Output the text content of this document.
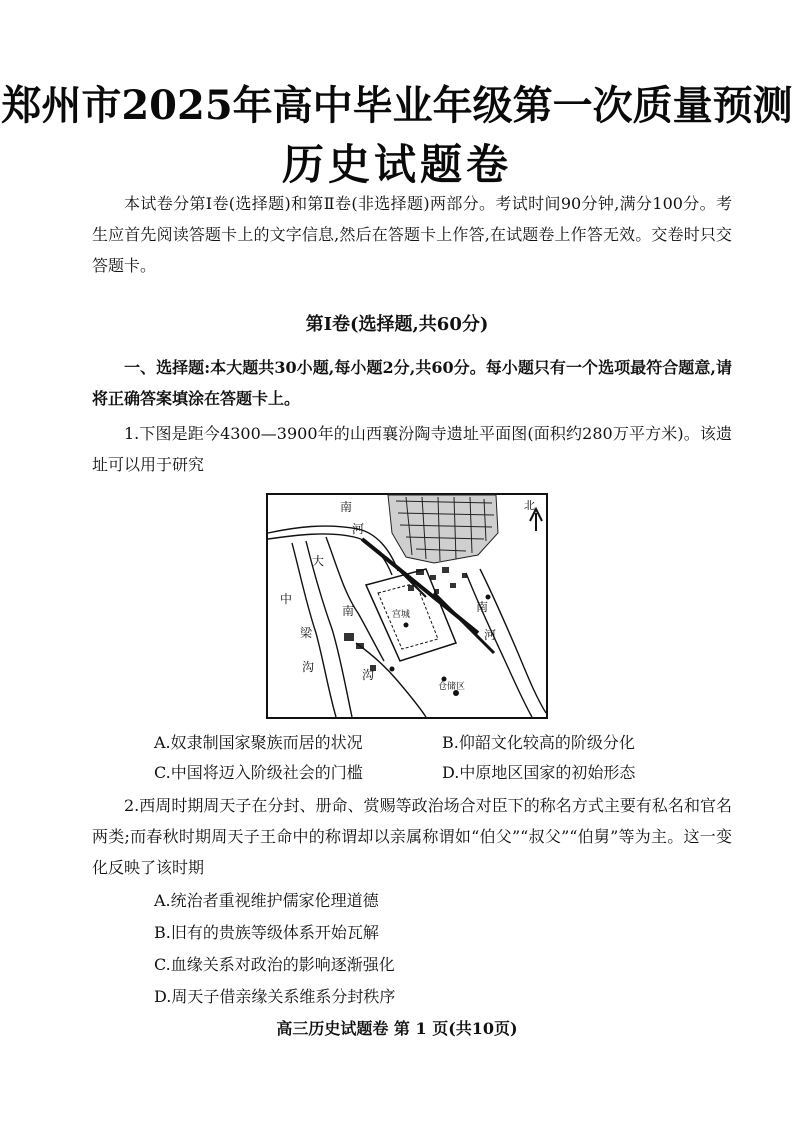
郑州市2025年高中毕业年级第一次质量预测
历史试题卷
本试卷分第Ⅰ卷(选择题)和第Ⅱ卷(非选择题)两部分。考试时间90分钟,满分100分。考生应首先阅读答题卡上的文字信息,然后在答题卡上作答,在试题卷上作答无效。交卷时只交答题卡。
第Ⅰ卷(选择题,共60分)
一、选择题:本大题共30小题,每小题2分,共60分。每小题只有一个选项最符合题意,请将正确答案填涂在答题卡上。
1.下图是距今4300—3900年的山西襄汾陶寺遗址平面图(面积约280万平方米)。该遗址可以用于研究
北
南
河
大
中
梁
沟
南
河
南
沟
宫城
仓储区
A.奴隶制国家聚族而居的状况	B.仰韶文化较高的阶级分化
C.中国将迈入阶级社会的门槛	D.中原地区国家的初始形态
2.西周时期周天子在分封、册命、赏赐等政治场合对臣下的称名方式主要有私名和官名两类;而春秋时期周天子王命中的称谓却以亲属称谓如“伯父”“叔父”“伯舅”等为主。这一变化反映了该时期
A.统治者重视维护儒家伦理道德
B.旧有的贵族等级体系开始瓦解
C.血缘关系对政治的影响逐渐强化
D.周天子借亲缘关系维系分封秩序
高三历史试题卷 第 1 页(共10页)
